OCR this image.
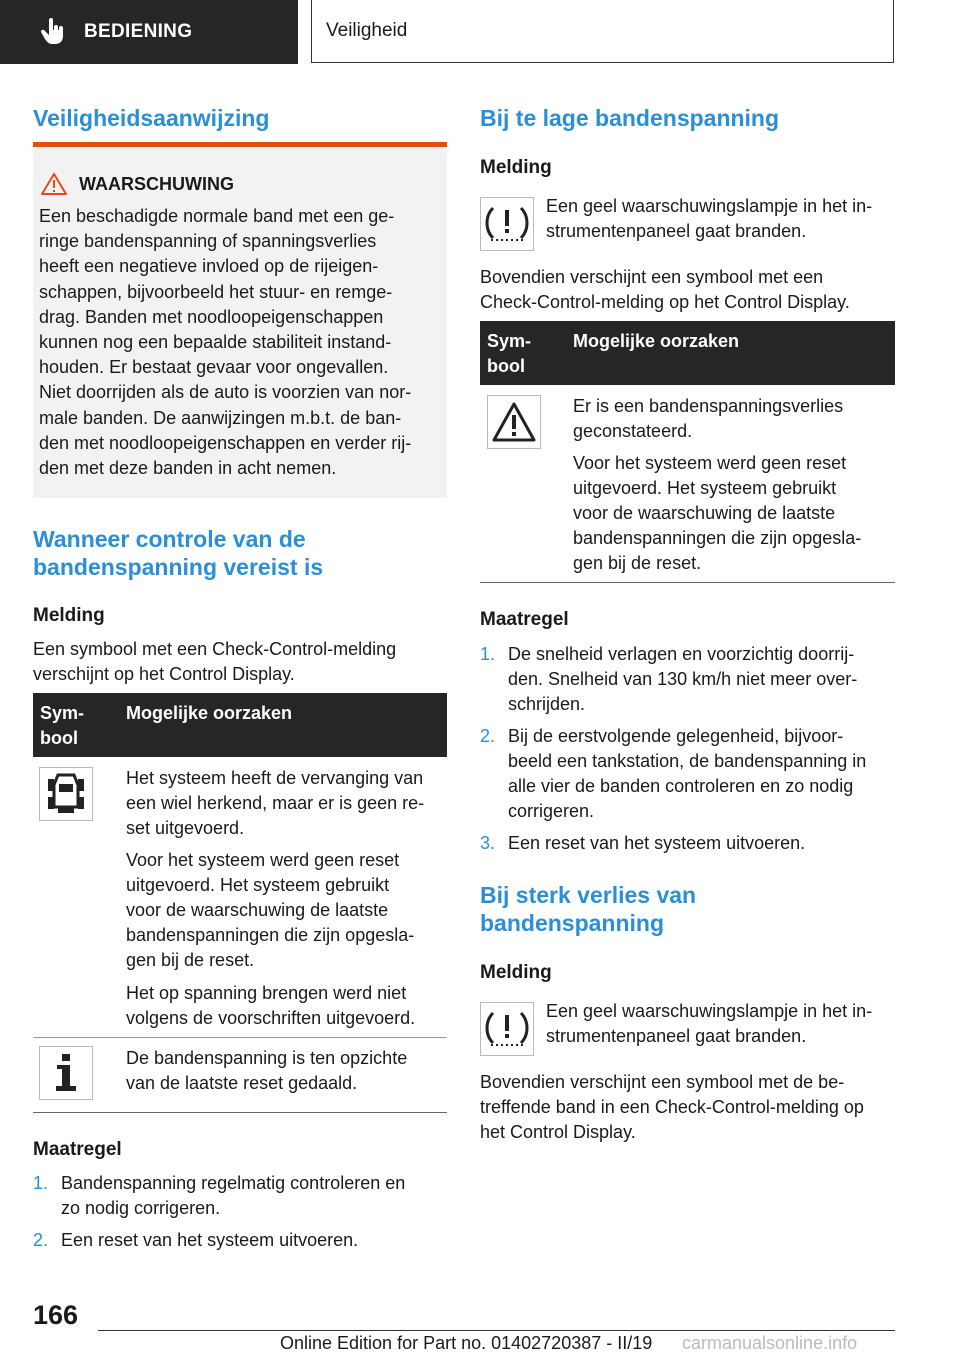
BEDIENING	Veiligheid
Veiligheidsaanwijzing
WAARSCHUWING
Een beschadigde normale band met een ge-
ringe bandenspanning of spanningsverlies
heeft een negatieve invloed op de rijeigen-
schappen, bijvoorbeeld het stuur- en remge-
drag. Banden met noodloopeigenschappen
kunnen nog een bepaalde stabiliteit instand-
houden. Er bestaat gevaar voor ongevallen.
Niet doorrijden als de auto is voorzien van nor-
male banden. De aanwijzingen m.b.t. de ban-
den met noodloopeigenschappen en verder rij-
den met deze banden in acht nemen.
Wanneer controle van de
bandenspanning vereist is
Melding

Een symbool met een Check-Control-melding
verschijnt op het Control Display.

Sym-
bool
Mogelijke oorzaken

Het systeem heeft de vervanging van
een wiel herkend, maar er is geen re-
set uitgevoerd.

Voor het systeem werd geen reset
uitgevoerd. Het systeem gebruikt
voor de waarschuwing de laatste
bandenspanningen die zijn opgesla-
gen bij de reset.

Het op spanning brengen werd niet
volgens de voorschriften uitgevoerd.

De bandenspanning is ten opzichte
van de laatste reset gedaald.

Maatregel
1. Bandenspanning regelmatig controleren en
zo nodig corrigeren.
2. Een reset van het systeem uitvoeren.
Bij te lage bandenspanning
Melding

Een geel waarschuwingslampje in het in-
strumentenpaneel gaat branden.

Bovendien verschijnt een symbool met een
Check-Control-melding op het Control Display.

Sym-
bool
Mogelijke oorzaken

Er is een bandenspanningsverlies
geconstateerd.

Voor het systeem werd geen reset
uitgevoerd. Het systeem gebruikt
voor de waarschuwing de laatste
bandenspanningen die zijn opgesla-
gen bij de reset.

Maatregel
1. De snelheid verlagen en voorzichtig doorrij-
den. Snelheid van 130 km/h niet meer over-
schrijden.
2. Bij de eerstvolgende gelegenheid, bijvoor-
beeld een tankstation, de bandenspanning in
alle vier de banden controleren en zo nodig
corrigeren.
3. Een reset van het systeem uitvoeren.
Bij sterk verlies van
bandenspanning
Melding

Een geel waarschuwingslampje in het in-
strumentenpaneel gaat branden.

Bovendien verschijnt een symbool met de be-
treffende band in een Check-Control-melding op
het Control Display.

166
Online Edition for Part no. 01402720387 - II/19 carmanualsonline.info
